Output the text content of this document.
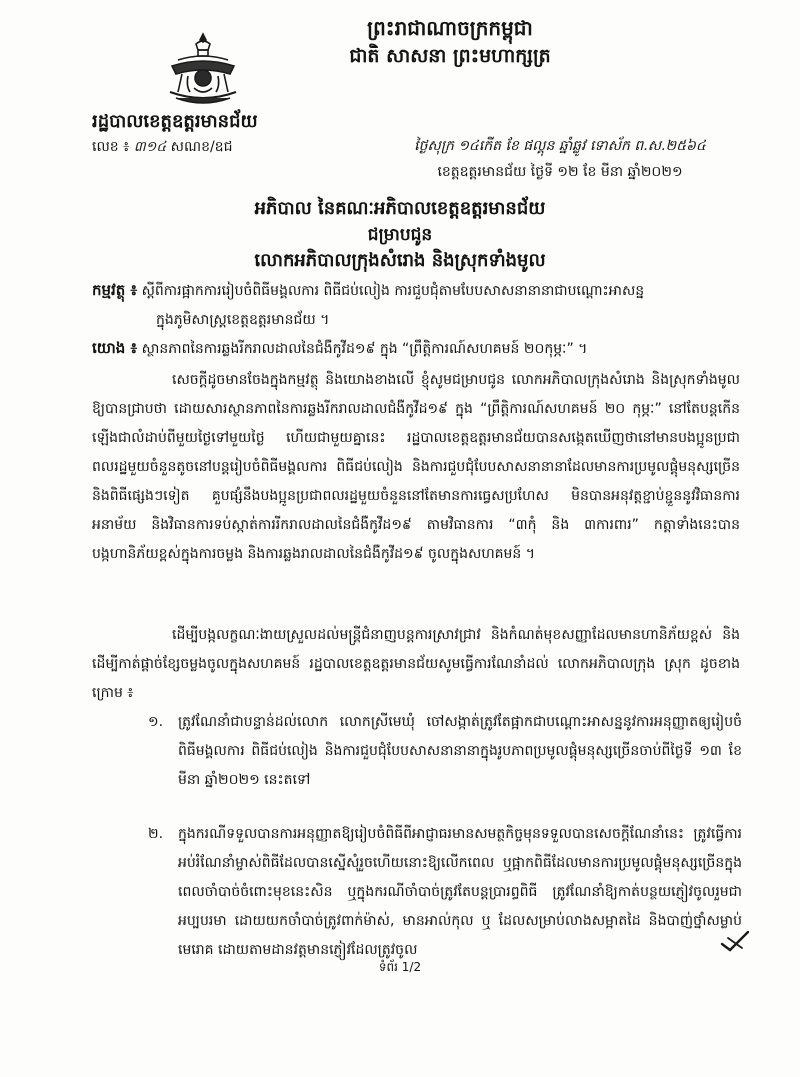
ព្រះរាជាណាចក្រកម្ពុជា
ជាតិ សាសនា ព្រះមហាក្សត្រ
រដ្ឋបាលខេត្តឧត្តរមានជ័យ
លេខ ៖ ៣១៤ សណខ/ឧជ	ថ្ងៃសុក្រ ១៤កើត ខែ ផល្គុន ឆ្នាំឆ្លូវ ទោស័ក ព.ស.២៥៦៤
ខេត្តឧត្តរមានជ័យ ថ្ងៃទី ១២ ខែ មីនា ឆ្នាំ២០២១
អភិបាល នៃគណៈអភិបាលខេត្តឧត្តរមានជ័យ
ជម្រាបជូន
លោកអភិបាលក្រុងសំរោង និងស្រុកទាំងមូល
កម្មវត្ថុ ៖ ស្តីពីការផ្អាកការរៀបចំពិធីមង្គលការ ពិធីជប់លៀង ការជួបជុំតាមបែបសាសនានានាជាបណ្តោះអាសន្ន
ក្នុងភូមិសាស្ត្រខេត្តឧត្តរមានជ័យ ។
យោង ៖ ស្ថានភាពនៃការឆ្លងរីករាលដាលនៃជំងឺកូវីដ១៩ ក្នុង “ព្រឹត្តិការណ៍សហគមន៍ ២០កុម្ភៈ” ។
សេចក្តីដូចមានចែងក្នុងកម្មវត្ថុ និងយោងខាងលើ ខ្ញុំសូមជម្រាបជូន លោកអភិបាលក្រុងសំរោង និងស្រុកទាំងមូល ឱ្យបានជ្រាបថា ដោយសារស្ថានភាពនៃការឆ្លងរីករាលដាលជំងឺកូវីដ១៩ ក្នុង “ព្រឹត្តិការណ៍សហគមន៍ ២០ កុម្ភៈ” នៅតែបន្តកើនឡើងជាលំដាប់ពីមួយថ្ងៃទៅមួយថ្ងៃ ហើយជាមួយគ្នានេះ រដ្ឋបាលខេត្តឧត្តរមានជ័យបានសង្កេតឃើញថានៅមានបងប្អូនប្រជាពលរដ្ឋមួយចំនួនតូចនៅបន្តរៀបចំពិធីមង្គលការ ពិធីជប់លៀង និងការជួបជុំបែបសាសនានានាដែលមានការប្រមូលផ្តុំមនុស្សច្រើន និងពិធីផ្សេងៗទៀត គួបផ្សំនឹងបងប្អូនប្រជាពលរដ្ឋមួយចំនួននៅតែមានការធ្វេសប្រហែស មិនបានអនុវត្តខ្ជាប់ខ្ជួននូវវិធានការអនាម័យ និងវិធានការទប់ស្កាត់ការរីករាលដាលនៃជំងឺកូវីដ១៩ តាមវិធានការ “៣កុំ និង ៣ការពារ” កត្តាទាំងនេះបានបង្កហានិភ័យខ្ពស់ក្នុងការចម្លង និងការឆ្លងរាលដាលនៃជំងឺកូវីដ១៩ ចូលក្នុងសហគមន៍ ។
ដើម្បីបង្កលក្ខណៈងាយស្រួលដល់មន្ត្រីជំនាញបន្តការស្រាវជ្រាវ និងកំណត់មុខសញ្ញាដែលមានហានិភ័យខ្ពស់ និងដើម្បីកាត់ផ្តាច់ខ្សែចម្លងចូលក្នុងសហគមន៍ រដ្ឋបាលខេត្តឧត្តរមានជ័យសូមធ្វើការណែនាំដល់ លោកអភិបាលក្រុង ស្រុក ដូចខាងក្រោម ៖
១. ត្រូវណែនាំជាបន្ទាន់ដល់លោក លោកស្រីមេឃុំ ចៅសង្កាត់ត្រូវតែផ្អាកជាបណ្តោះអាសន្ននូវការអនុញ្ញាតឲ្យរៀបចំពិធីមង្គលការ ពិធីជប់លៀង និងការជួបជុំបែបសាសនានានាក្នុងរូបភាពប្រមូលផ្តុំមនុស្សច្រើនចាប់ពីថ្ងៃទី ១៣ ខែមីនា ឆ្នាំ២០២១ នេះតទៅ
២. ក្នុងករណីទទួលបានការអនុញ្ញាតឱ្យរៀបចំពិធីពីអាជ្ញាធរមានសមត្ថកិច្ចមុនទទួលបានសេចក្តីណែនាំនេះ ត្រូវធ្វើការអប់រំណែនាំម្ចាស់ពិធីដែលបានស្នើសុំរួចហើយនោះឱ្យលើកពេល ឬផ្អាកពិធីដែលមានការប្រមូលផ្តុំមនុស្សច្រើនក្នុងពេលចាំបាច់ចំពោះមុខនេះសិន ឬក្នុងករណីចាំបាច់ត្រូវតែបន្តប្រារព្ធពិធី ត្រូវណែនាំឱ្យកាត់បន្ថយភ្ញៀវចូលរួមជាអប្បបរមា ដោយយកចាំបាច់ត្រូវពាក់ម៉ាស់, មានអាល់កុល ឬ ដែលសម្រាប់លាងសម្អាតដៃ និងបាញ់ថ្នាំសម្លាប់មេរោគ ដោយតាមដានវត្តមានភ្ញៀវដែលត្រូវចូល
ទំព័រ 1/2
